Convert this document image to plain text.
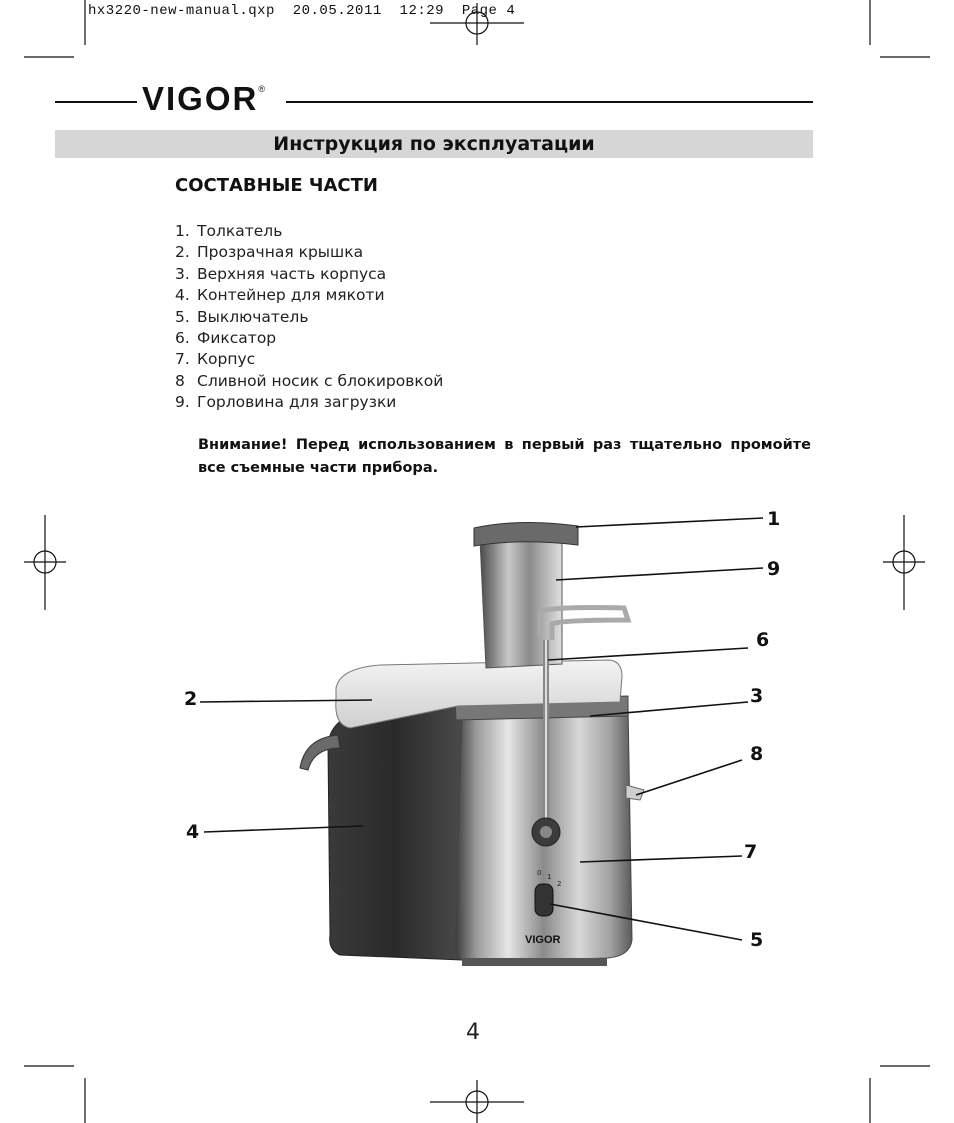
hx3220-new-manual.qxp  20.05.2011  12:29  Page 4
VIGOR®
Инструкция по эксплуатации
СОСТАВНЫЕ ЧАСТИ
1. Толкатель
2. Прозрачная крышка
3. Верхняя часть корпуса
4. Контейнер для мякоти
5. Выключатель
6. Фиксатор
7. Корпус
8 Сливной носик с блокировкой
9. Горловина для загрузки
Внимание! Перед использованием в первый раз тщательно промойте все съемные части прибора.
0 1
2
VIGOR
1
9
6
2	3
8
4
7
5
4
